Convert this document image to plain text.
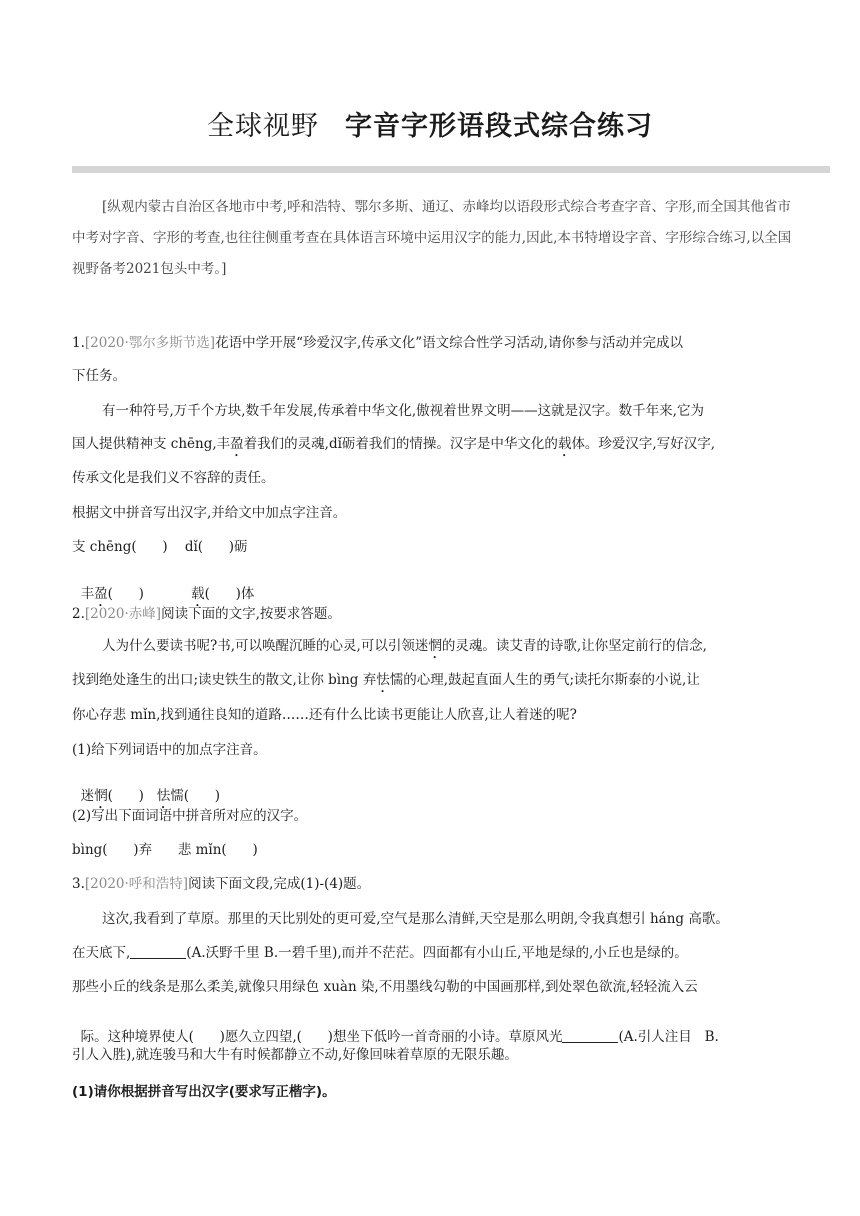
全球视野 字音字形语段式综合练习
[纵观内蒙古自治区各地市中考,呼和浩特、鄂尔多斯、通辽、赤峰均以语段形式综合考查字音、字形,而全国其他省市中考对字音、字形的考查,也往往侧重考查在具体语言环境中运用汉字的能力,因此,本书特增设字音、字形综合练习,以全国视野备考2021包头中考。]
1.[2020·鄂尔多斯节选]花语中学开展“珍爱汉字,传承文化”语文综合性学习活动,请你参与活动并完成以
下任务。
有一种符号,万千个方块,数千年发展,传承着中华文化,傲视着世界文明——这就是汉字。数千年来,它为
国人提供精神支 chēng,丰盈着我们的灵魂,dǐ砺着我们的情操。汉字是中华文化的载体。珍爱汉字,写好汉字,
传承文化是我们义不容辞的责任。
根据文中拼音写出汉字,并给文中加点字注音。
支 chēng(      )    dǐ(      )砺

丰盈(      )           载(      )体

2.[2020·赤峰]阅读下面的文字,按要求答题。
人为什么要读书呢?书,可以唤醒沉睡的心灵,可以引领迷惘的灵魂。读艾青的诗歌,让你坚定前行的信念,
找到绝处逢生的出口;读史铁生的散文,让你 bìng 弃怯懦的心理,鼓起直面人生的勇气;读托尔斯泰的小说,让
你心存悲 mǐn,找到通往良知的道路……还有什么比读书更能让人欣喜,让人着迷的呢?
(1)给下列词语中的加点字注音。

迷惘(      )   怯懦(      )

(2)写出下面词语中拼音所对应的汉字。
bìng(      )弃      悲 mǐn(      )
3.[2020·呼和浩特]阅读下面文段,完成(1)-(4)题。
这次,我看到了草原。那里的天比别处的更可爱,空气是那么清鲜,天空是那么明朗,令我真想引 háng 高歌。
在天底下,	(A.沃野千里 B.一碧千里),而并不茫茫。四面都有小山丘,平地是绿的,小丘也是绿的。
那些小丘的线条是那么柔美,就像只用绿色 xuàn 染,不用墨线勾勒的中国画那样,到处翠色欲流,轻轻流入云

际。这种境界使人(      )愿久立四望,(      )想坐下低吟一首奇丽的小诗。草原风光	(A.引人注目   B.

引人入胜),就连骏马和大牛有时候都静立不动,好像回味着草原的无限乐趣。
(1)请你根据拼音写出汉字(要求写正楷字)。
